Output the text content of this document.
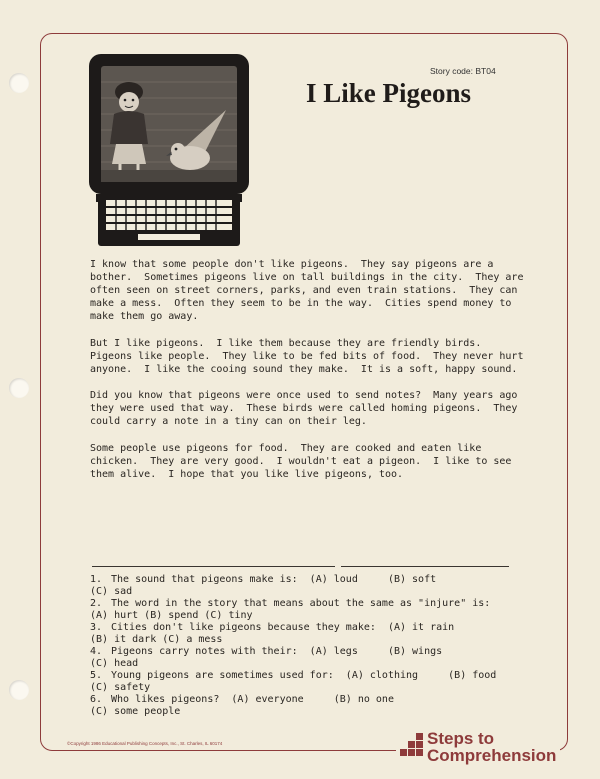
Story code: BT04
I Like Pigeons

I know that some people don't like pigeons.  They say pigeons are a
bother.  Sometimes pigeons live on tall buildings in the city.  They are
often seen on street corners, parks, and even train stations.  They can
make a mess.  Often they seem to be in the way.  Cities spend money to
make them go away.

But I like pigeons.  I like them because they are friendly birds.
Pigeons like people.  They like to be fed bits of food.  They never hurt
anyone.  I like the cooing sound they make.  It is a soft, happy sound.

Did you know that pigeons were once used to send notes?  Many years ago
they were used that way.  These birds were called homing pigeons.  They
could carry a note in a tiny can on their leg.

Some people use pigeons for food.  They are cooked and eaten like
chicken.  They are very good.  I wouldn't eat a pigeon.  I like to see
them alive.  I hope that you like live pigeons, too.

1. The sound that pigeons make is:  (A) loud     (B) soft
(C) sad
2. The word in the story that means about the same as "injure" is:
(A) hurt (B) spend (C) tiny
3. Cities don't like pigeons because they make:  (A) it rain
(B) it dark (C) a mess
4. Pigeons carry notes with their:  (A) legs     (B) wings
(C) head
5. Young pigeons are sometimes used for:  (A) clothing     (B) food
(C) safety
6. Who likes pigeons?  (A) everyone     (B) no one
(C) some people
©Copyright 1986 Educational Publishing Concepts, Inc., St. Charles, IL 60174	Steps to
Comprehension
